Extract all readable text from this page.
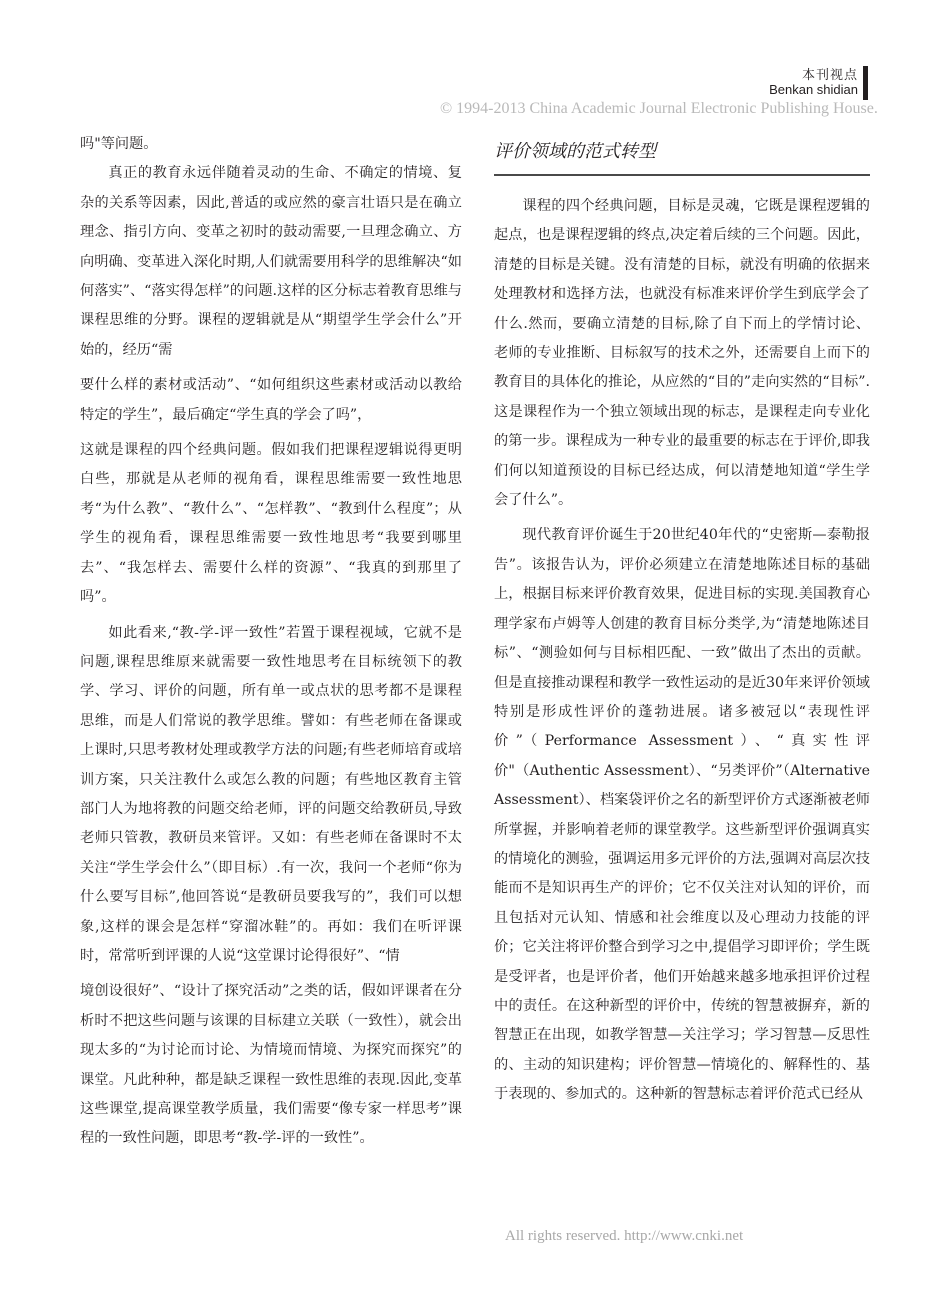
本刊视点
Benkan shidian
© 1994-2013 China Academic Journal Electronic Publishing House.

吗"等问题。

真正的教育永远伴随着灵动的生命、不确定的情境、复杂的关系等因素，因此,普适的或应然的豪言壮语只是在确立理念、指引方向、变革之初时的鼓动需要,一旦理念确立、方向明确、变革进入深化时期,人们就需要用科学的思维解决“如何落实”、“落实得怎样”的问题.这样的区分标志着教育思维与课程思维的分野。课程的逻辑就是从“期望学生学会什么”开始的，经历“需

要什么样的素材或活动”、“如何组织这些素材或活动以教给特定的学生”，最后确定“学生真的学会了吗”，

这就是课程的四个经典问题。假如我们把课程逻辑说得更明白些，那就是从老师的视角看，课程思维需要一致性地思考“为什么教”、“教什么”、“怎样教”、“教到什么程度”；从学生的视角看，课程思维需要一致性地思考“我要到哪里去”、“我怎样去、需要什么样的资源”、“我真的到那里了吗”。

如此看来,“教-学-评一致性”若置于课程视域，它就不是问题,课程思维原来就需要一致性地思考在目标统领下的教学、学习、评价的问题，所有单一或点状的思考都不是课程思维，而是人们常说的教学思维。譬如：有些老师在备课或上课时,只思考教材处理或教学方法的问题;有些老师培育或培训方案，只关注教什么或怎么教的问题；有些地区教育主管部门人为地将教的问题交给老师，评的问题交给教研员,导致老师只管教，教研员来管评。又如：有些老师在备课时不太关注“学生学会什么”（即目标）.有一次，我问一个老师“你为什么要写目标”,他回答说“是教研员要我写的”，我们可以想象,这样的课会是怎样“穿溜冰鞋”的。再如：我们在听评课时，常常听到评课的人说“这堂课讨论得很好”、“情

境创设很好”、“设计了探究活动”之类的话，假如评课者在分析时不把这些问题与该课的目标建立关联（一致性），就会出现太多的“为讨论而讨论、为情境而情境、为探究而探究”的课堂。凡此种种，都是缺乏课程一致性思维的表现.因此,变革这些课堂,提高课堂教学质量，我们需要“像专家一样思考”课程的一致性问题，即思考“教-学-评的一致性”。

评价领域的范式转型

课程的四个经典问题，目标是灵魂，它既是课程逻辑的起点，也是课程逻辑的终点,决定着后续的三个问题。因此，清楚的目标是关键。没有清楚的目标，就没有明确的依据来处理教材和选择方法，也就没有标准来评价学生到底学会了什么.然而，要确立清楚的目标,除了自下而上的学情讨论、老师的专业推断、目标叙写的技术之外，还需要自上而下的教育目的具体化的推论，从应然的“目的”走向实然的“目标”.这是课程作为一个独立领域出现的标志，是课程走向专业化的第一步。课程成为一种专业的最重要的标志在于评价,即我们何以知道预设的目标已经达成，何以清楚地知道“学生学会了什么”。

现代教育评价诞生于20世纪40年代的“史密斯—泰勒报告”。该报告认为，评价必须建立在清楚地陈述目标的基础上，根据目标来评价教育效果，促进目标的实现.美国教育心理学家布卢姆等人创建的教育目标分类学,为“清楚地陈述目标”、“测验如何与目标相匹配、一致”做出了杰出的贡献。但是直接推动课程和教学一致性运动的是近30年来评价领域特别是形成性评价的蓬勃进展。诸多被冠以“表现性评价”（Performance Assessment）、“真实性评价"（Authentic Assessment）、“另类评价”（Alternative Assessment）、档案袋评价之名的新型评价方式逐渐被老师所掌握，并影响着老师的课堂教学。这些新型评价强调真实的情境化的测验，强调运用多元评价的方法,强调对高层次技能而不是知识再生产的评价；它不仅关注对认知的评价，而且包括对元认知、情感和社会维度以及心理动力技能的评价；它关注将评价整合到学习之中,提倡学习即评价；学生既是受评者，也是评价者，他们开始越来越多地承担评价过程中的责任。在这种新型的评价中，传统的智慧被摒弃，新的智慧正在出现，如教学智慧—关注学习；学习智慧—反思性的、主动的知识建构；评价智慧—情境化的、解释性的、基于表现的、参加式的。这种新的智慧标志着评价范式已经从

All rights reserved. http://www.cnki.net
